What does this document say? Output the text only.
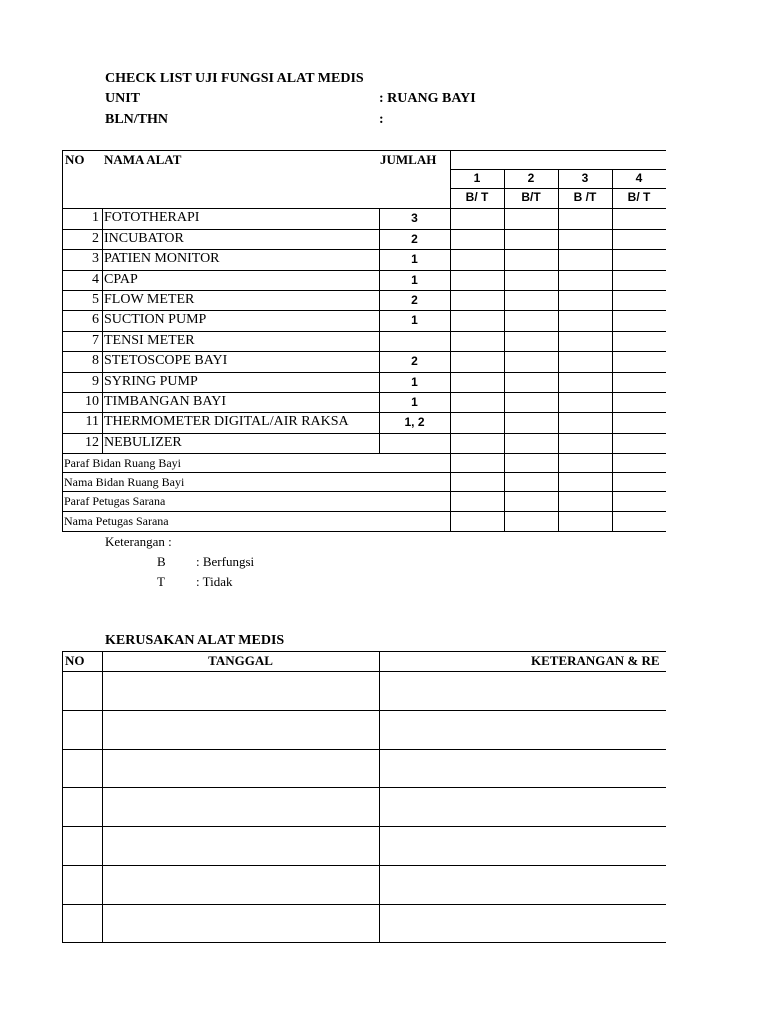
CHECK LIST UJI FUNGSI ALAT MEDIS
UNIT	: RUANG BAYI
BLN/THN	:
NO NAMA ALAT	JUMLAH
1	2	3	4
B/ T	B/T	B /T	B/ T
1 FOTOTHERAPI	3
2 INCUBATOR	2
3 PATIEN MONITOR	1
4 CPAP	1
5 FLOW METER	2
6 SUCTION PUMP	1
7 TENSI METER
8 STETOSCOPE BAYI	2
9 SYRING PUMP	1
10 TIMBANGAN BAYI	1
11 THERMOMETER DIGITAL/AIR RAKSA	1, 2
12 NEBULIZER
Paraf Bidan Ruang Bayi
Nama Bidan Ruang Bayi
Paraf Petugas Sarana
Nama Petugas Sarana
Keterangan :
B : Berfungsi
T : Tidak
KERUSAKAN ALAT MEDIS
NO	TANGGAL	KETERANGAN & RE
